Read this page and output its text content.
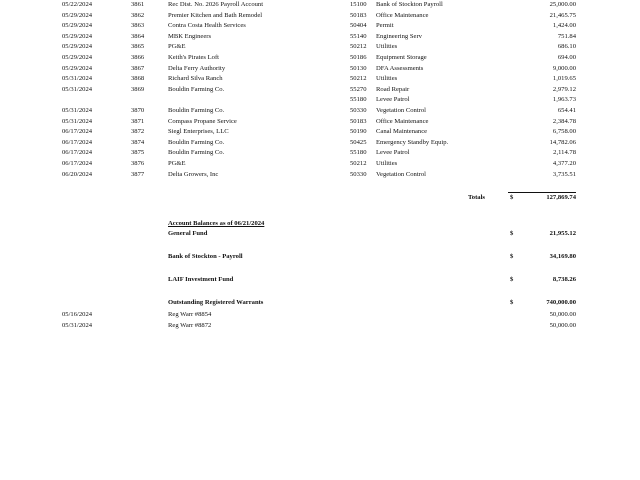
05/22/2024	3861	Rec Dist. No. 2026 Payroll Account	15100 Bank of Stockton Payroll	25,000.00
05/29/2024	3862	Premier Kitchen and Bath Remodel	50183 Office Maintenance	21,465.75
05/29/2024	3863	Contra Costa Health Services	50404 Permit	1,424.00
05/29/2024	3864	MBK Engineers	55140 Engineering Serv	751.84
05/29/2024	3865	PG&E	50212 Utilities	686.10
05/29/2024	3866	Keith's Pirates Loft	50186 Equipment Storage	694.00
05/29/2024	3867	Delta Ferry Authority	50130 DFA Assessments	9,000.00
05/31/2024	3868	Richard Silva Ranch	50212 Utilities	1,019.65
05/31/2024	3869	Bouldin Farming Co.	55270 Road Repair	2,979.12
55180 Levee Patrol	1,963.73
05/31/2024	3870	Bouldin Farming Co.	50330 Vegetation Control	654.41
05/31/2024	3871	Compass Propane Service	50183 Office Maintenance	2,384.78
06/17/2024	3872	Siegl Enterprises, LLC	50190 Canal Maintenance	6,758.00
06/17/2024	3874	Bouldin Farming Co.	50425 Emergency Standby Equip.	14,782.06
06/17/2024	3875	Bouldin Farming Co.	55180 Levee Patrol	2,114.78
06/17/2024	3876	PG&E	50212 Utilities	4,377.20
06/20/2024	3877	Delta Growers, Inc	50330 Vegetation Control	3,735.51
Totals	$	127,869.74
Account Balances as of 06/21/2024
General Fund	$	21,955.12
Bank of Stockton - Payroll	$	34,169.80
LAIF Investment Fund	$	8,738.26
Outstanding Registered Warrants	$	740,000.00
05/16/2024	Reg Warr #8854	50,000.00
05/31/2024	Reg Warr #8872	50,000.00
